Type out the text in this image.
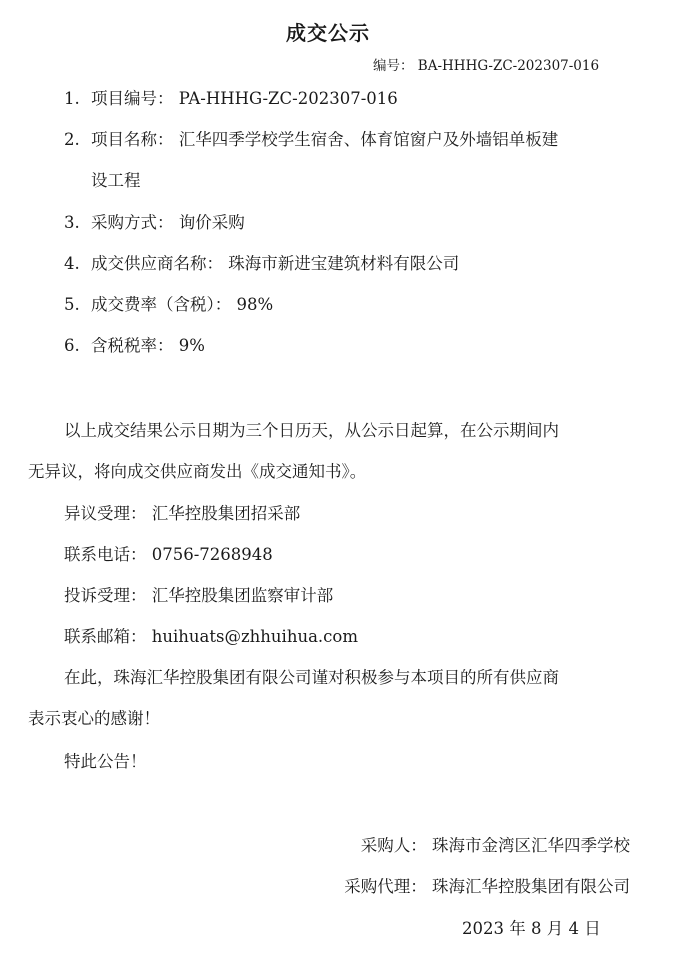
成交公示
编号： BA-HHHG-ZC-202307-016
1. 项目编号： PA-HHHG-ZC-202307-016
2. 项目名称： 汇华四季学校学生宿舍、体育馆窗户及外墙铝单板建
设工程
3. 采购方式： 询价采购
4. 成交供应商名称： 珠海市新进宝建筑材料有限公司
5. 成交费率（含税）： 98%
6. 含税税率： 9%
以上成交结果公示日期为三个日历天，从公示日起算，在公示期间内
无异议，将向成交供应商发出《成交通知书》。
异议受理： 汇华控股集团招采部
联系电话： 0756-7268948
投诉受理： 汇华控股集团监察审计部
联系邮箱： huihuats@zhhuihua.com
在此，珠海汇华控股集团有限公司谨对积极参与本项目的所有供应商
表示衷心的感谢！
特此公告！
采购人： 珠海市金湾区汇华四季学校
采购代理： 珠海汇华控股集团有限公司
2023 年 8 月 4 日
